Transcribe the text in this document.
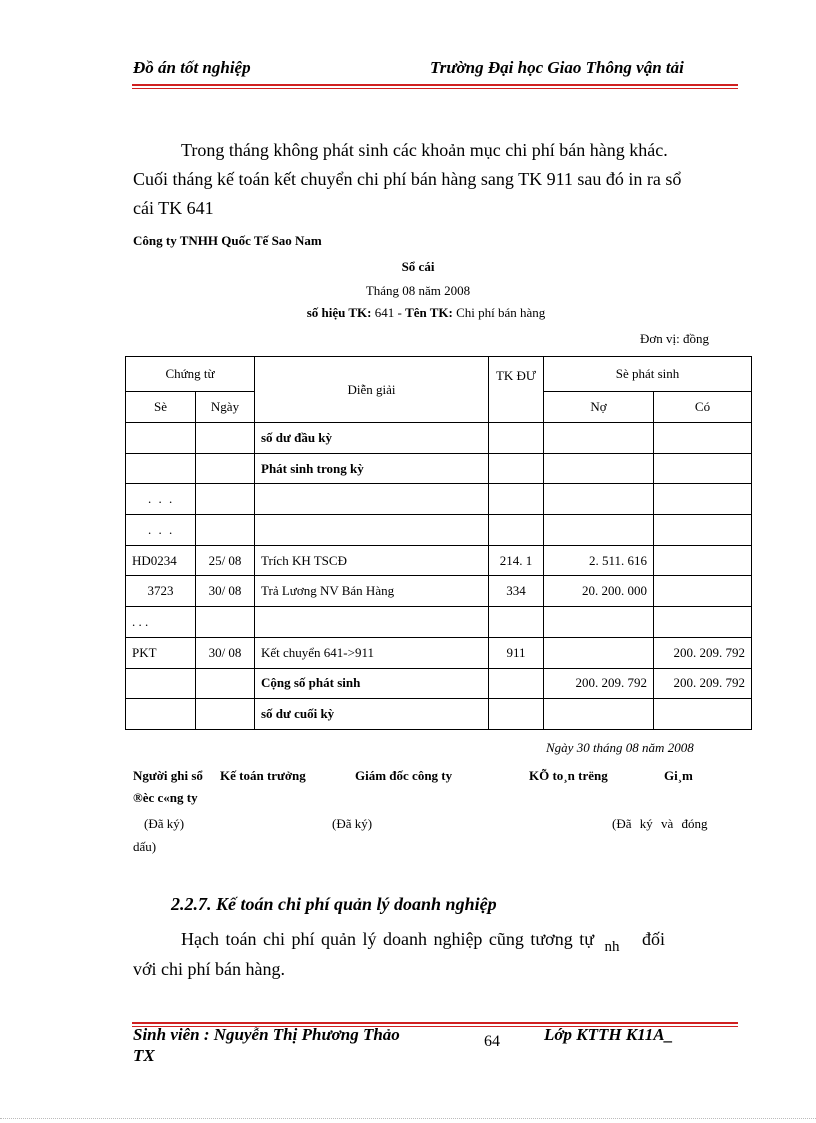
Đồ án tốt nghiệp	Trường Đại học Giao Thông vận tải
Trong tháng không phát sinh các khoản mục chi phí bán hàng khác.
Cuối tháng kế toán kết chuyển chi phí bán hàng sang TK 911 sau đó in ra sổ
cái TK 641
Công ty TNHH Quốc Tế Sao Nam
Sổ cái
Tháng 08 năm 2008
số hiệu TK: 641 - Tên TK: Chi phí bán hàng
Đơn vị: đồng
Chứng từ		Diễn giải	TK ĐƯ	Sè phát sinh	
Sè	Ngày			Nợ	Có
		số dư đầu kỳ			
		Phát sinh trong kỳ			
. . .					
. . .					
HD0234	25/ 08	Trích KH TSCĐ	214. 1	2. 511. 616	
3723	30/ 08	Trả Lương NV Bán Hàng	334	20. 200. 000	
. . .					
PKT	30/ 08	Kết chuyển 641->911	911		200. 209. 792
		Cộng số phát sinh		200. 209. 792	200. 209. 792
		số dư cuối kỳ			
Ngày 30 tháng 08 năm 2008
Người ghi sổ Kế toán trưởng	Giám đốc công ty	KÕ to¸n trëng	Gi¸m
®èc c«ng ty
(Đã ký)	(Đã ký)	(Đã ký và đóng
dấu)
2.2.7. Kế toán chi phí quản lý doanh nghiệp
Hạch toán chi phí quản lý doanh nghiệp cũng tương tự $_{nh}$ đối
với chi phí bán hàng.
Sinh viên : Nguyễn Thị Phương Thảo
TX
64	Lớp KTTH K11A_
